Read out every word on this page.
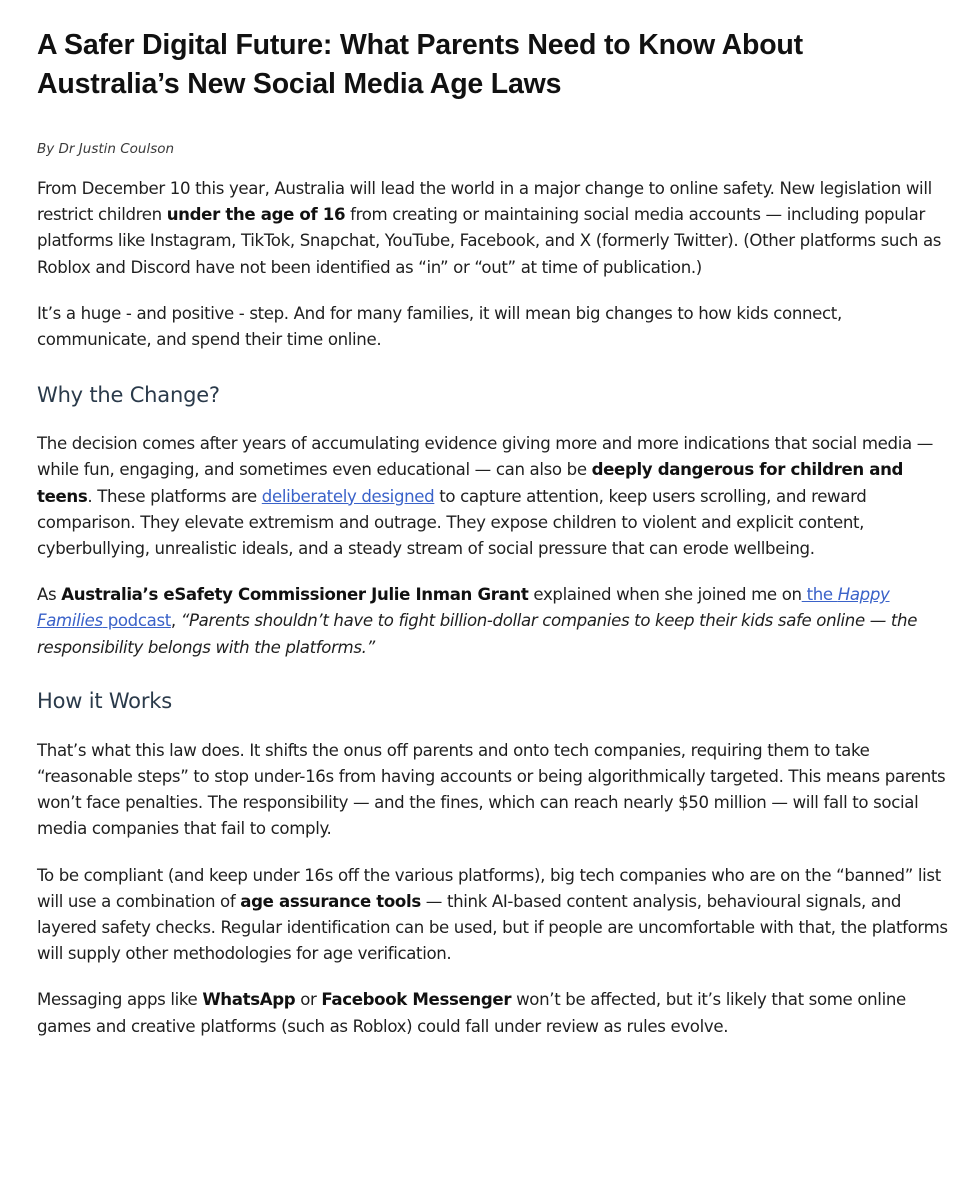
A Safer Digital Future: What Parents Need to Know About Australia’s New Social Media Age Laws
By Dr Justin Coulson

From December 10 this year, Australia will lead the world in a major change to online safety. New legislation will restrict children under the age of 16 from creating or maintaining social media accounts — including popular platforms like Instagram, TikTok, Snapchat, YouTube, Facebook, and X (formerly Twitter). (Other platforms such as Roblox and Discord have not been identified as “in” or “out” at time of publication.)

It’s a huge - and positive - step. And for many families, it will mean big changes to how kids connect, communicate, and spend their time online.

Why the Change?

The decision comes after years of accumulating evidence giving more and more indications that social media — while fun, engaging, and sometimes even educational — can also be deeply dangerous for children and teens. These platforms are deliberately designed to capture attention, keep users scrolling, and reward comparison. They elevate extremism and outrage. They expose children to violent and explicit content, cyberbullying, unrealistic ideals, and a steady stream of social pressure that can erode wellbeing.

As Australia’s eSafety Commissioner Julie Inman Grant explained when she joined me on the Happy Families podcast, “Parents shouldn’t have to fight billion-dollar companies to keep their kids safe online — the responsibility belongs with the platforms.”

How it Works

That’s what this law does. It shifts the onus off parents and onto tech companies, requiring them to take “reasonable steps” to stop under-16s from having accounts or being algorithmically targeted. This means parents won’t face penalties. The responsibility — and the fines, which can reach nearly $50 million — will fall to social media companies that fail to comply.

To be compliant (and keep under 16s off the various platforms), big tech companies who are on the “banned” list will use a combination of age assurance tools — think AI-based content analysis, behavioural signals, and layered safety checks. Regular identification can be used, but if people are uncomfortable with that, the platforms will supply other methodologies for age verification.

Messaging apps like WhatsApp or Facebook Messenger won’t be affected, but it’s likely that some online games and creative platforms (such as Roblox) could fall under review as rules evolve.
